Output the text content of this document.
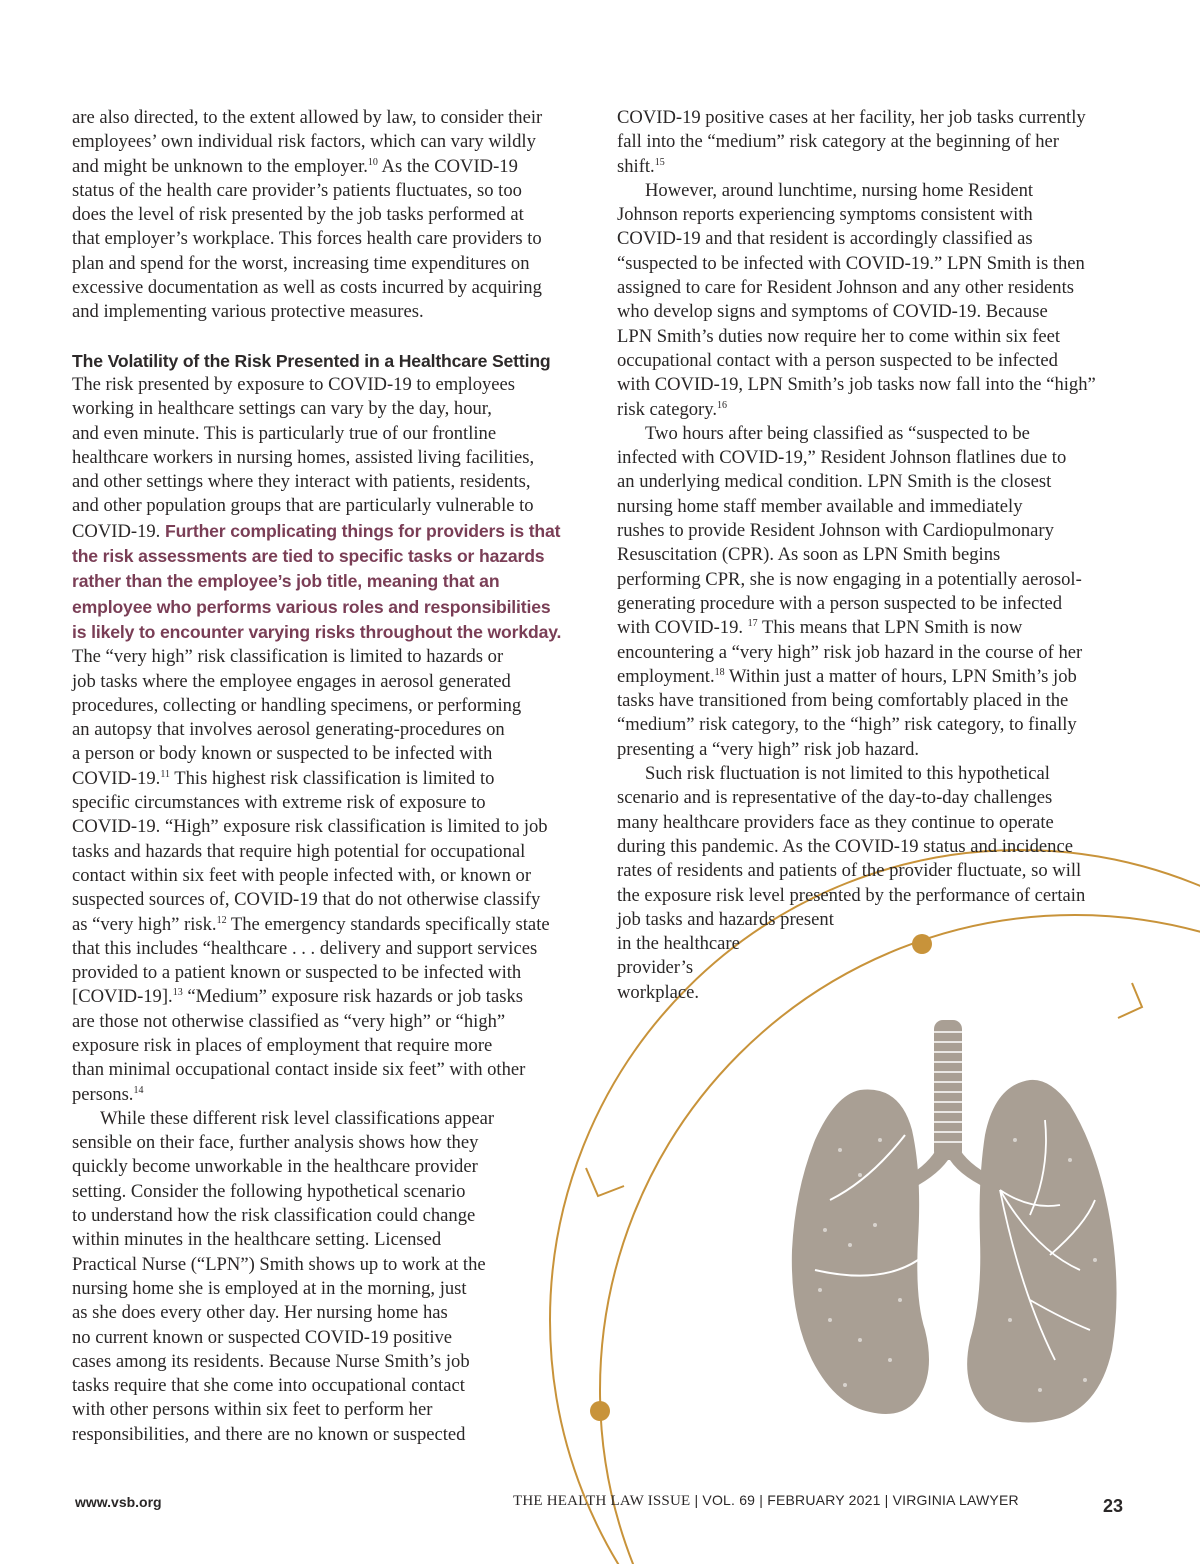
are also directed, to the extent allowed by law, to consider their
employees’ own individual risk factors, which can vary wildly
and might be unknown to the employer.$^{10}$ As the COVID-19
status of the health care provider’s patients fluctuates, so too
does the level of risk presented by the job tasks performed at
that employer’s workplace. This forces health care providers to
plan and spend for the worst, increasing time expenditures on
excessive documentation as well as costs incurred by acquiring
and implementing various protective measures.
The Volatility of the Risk Presented in a Healthcare Setting
The risk presented by exposure to COVID-19 to employees
working in healthcare settings can vary by the day, hour,
and even minute. This is particularly true of our frontline
healthcare workers in nursing homes, assisted living facilities,
and other settings where they interact with patients, residents,
and other population groups that are particularly vulnerable to
COVID-19. Further complicating things for providers is that
the risk assessments are tied to specific tasks or hazards
rather than the employee’s job title, meaning that an
employee who performs various roles and responsibilities
is likely to encounter varying risks throughout the workday.
The “very high” risk classification is limited to hazards or
job tasks where the employee engages in aerosol generated
procedures, collecting or handling specimens, or performing
an autopsy that involves aerosol generating-procedures on
a person or body known or suspected to be infected with
COVID-19.11 This highest risk classification is limited to
specific circumstances with extreme risk of exposure to
COVID-19. “High” exposure risk classification is limited to job
tasks and hazards that require high potential for occupational
contact within six feet with people infected with, or known or
suspected sources of, COVID-19 that do not otherwise classify
as “very high” risk.$^{12}$ The emergency standards specifically state
that this includes “healthcare . . . delivery and support services
provided to a patient known or suspected to be infected with
[COVID-19].$^{13}$ “Medium” exposure risk hazards or job tasks
are those not otherwise classified as “very high” or “high”
exposure risk in places of employment that require more
than minimal occupational contact inside six feet” with other
persons.$^{14}$
While these different risk level classifications appear
sensible on their face, further analysis shows how they
quickly become unworkable in the healthcare provider
setting. Consider the following hypothetical scenario
to understand how the risk classification could change
within minutes in the healthcare setting. Licensed
Practical Nurse (“LPN”) Smith shows up to work at the
nursing home she is employed at in the morning, just
as she does every other day. Her nursing home has
no current known or suspected COVID-19 positive
cases among its residents. Because Nurse Smith’s job
tasks require that she come into occupational contact
with other persons within six feet to perform her
responsibilities, and there are no known or suspected
COVID-19 positive cases at her facility, her job tasks currently
fall into the “medium” risk category at the beginning of her
shift.$^{15}$
However, around lunchtime, nursing home Resident
Johnson reports experiencing symptoms consistent with
COVID-19 and that resident is accordingly classified as
“suspected to be infected with COVID-19.” LPN Smith is then
assigned to care for Resident Johnson and any other residents
who develop signs and symptoms of COVID-19. Because
LPN Smith’s duties now require her to come within six feet
occupational contact with a person suspected to be infected
with COVID-19, LPN Smith’s job tasks now fall into the “high”
risk category.$^{16}$
Two hours after being classified as “suspected to be
infected with COVID-19,” Resident Johnson flatlines due to
an underlying medical condition. LPN Smith is the closest
nursing home staff member available and immediately
rushes to provide Resident Johnson with Cardiopulmonary
Resuscitation (CPR). As soon as LPN Smith begins
performing CPR, she is now engaging in a potentially aerosol-
generating procedure with a person suspected to be infected
with COVID-19. $^{17}$ This means that LPN Smith is now
encountering a “very high” risk job hazard in the course of her
employment.$^{18}$ Within just a matter of hours, LPN Smith’s job
tasks have transitioned from being comfortably placed in the
“medium” risk category, to the “high” risk category, to finally
presenting a “very high” risk job hazard.
Such risk fluctuation is not limited to this hypothetical
scenario and is representative of the day-to-day challenges
many healthcare providers face as they continue to operate
during this pandemic. As the COVID-19 status and incidence
rates of residents and patients of the provider fluctuate, so will
the exposure risk level presented by the performance of certain
job tasks and hazards present
in the healthcare
provider’s
workplace.
www.vsb.org	THE HEALTH LAW ISSUE | VOL. 69 | FEBRUARY 2021 | VIRGINIA LAWYER	23
